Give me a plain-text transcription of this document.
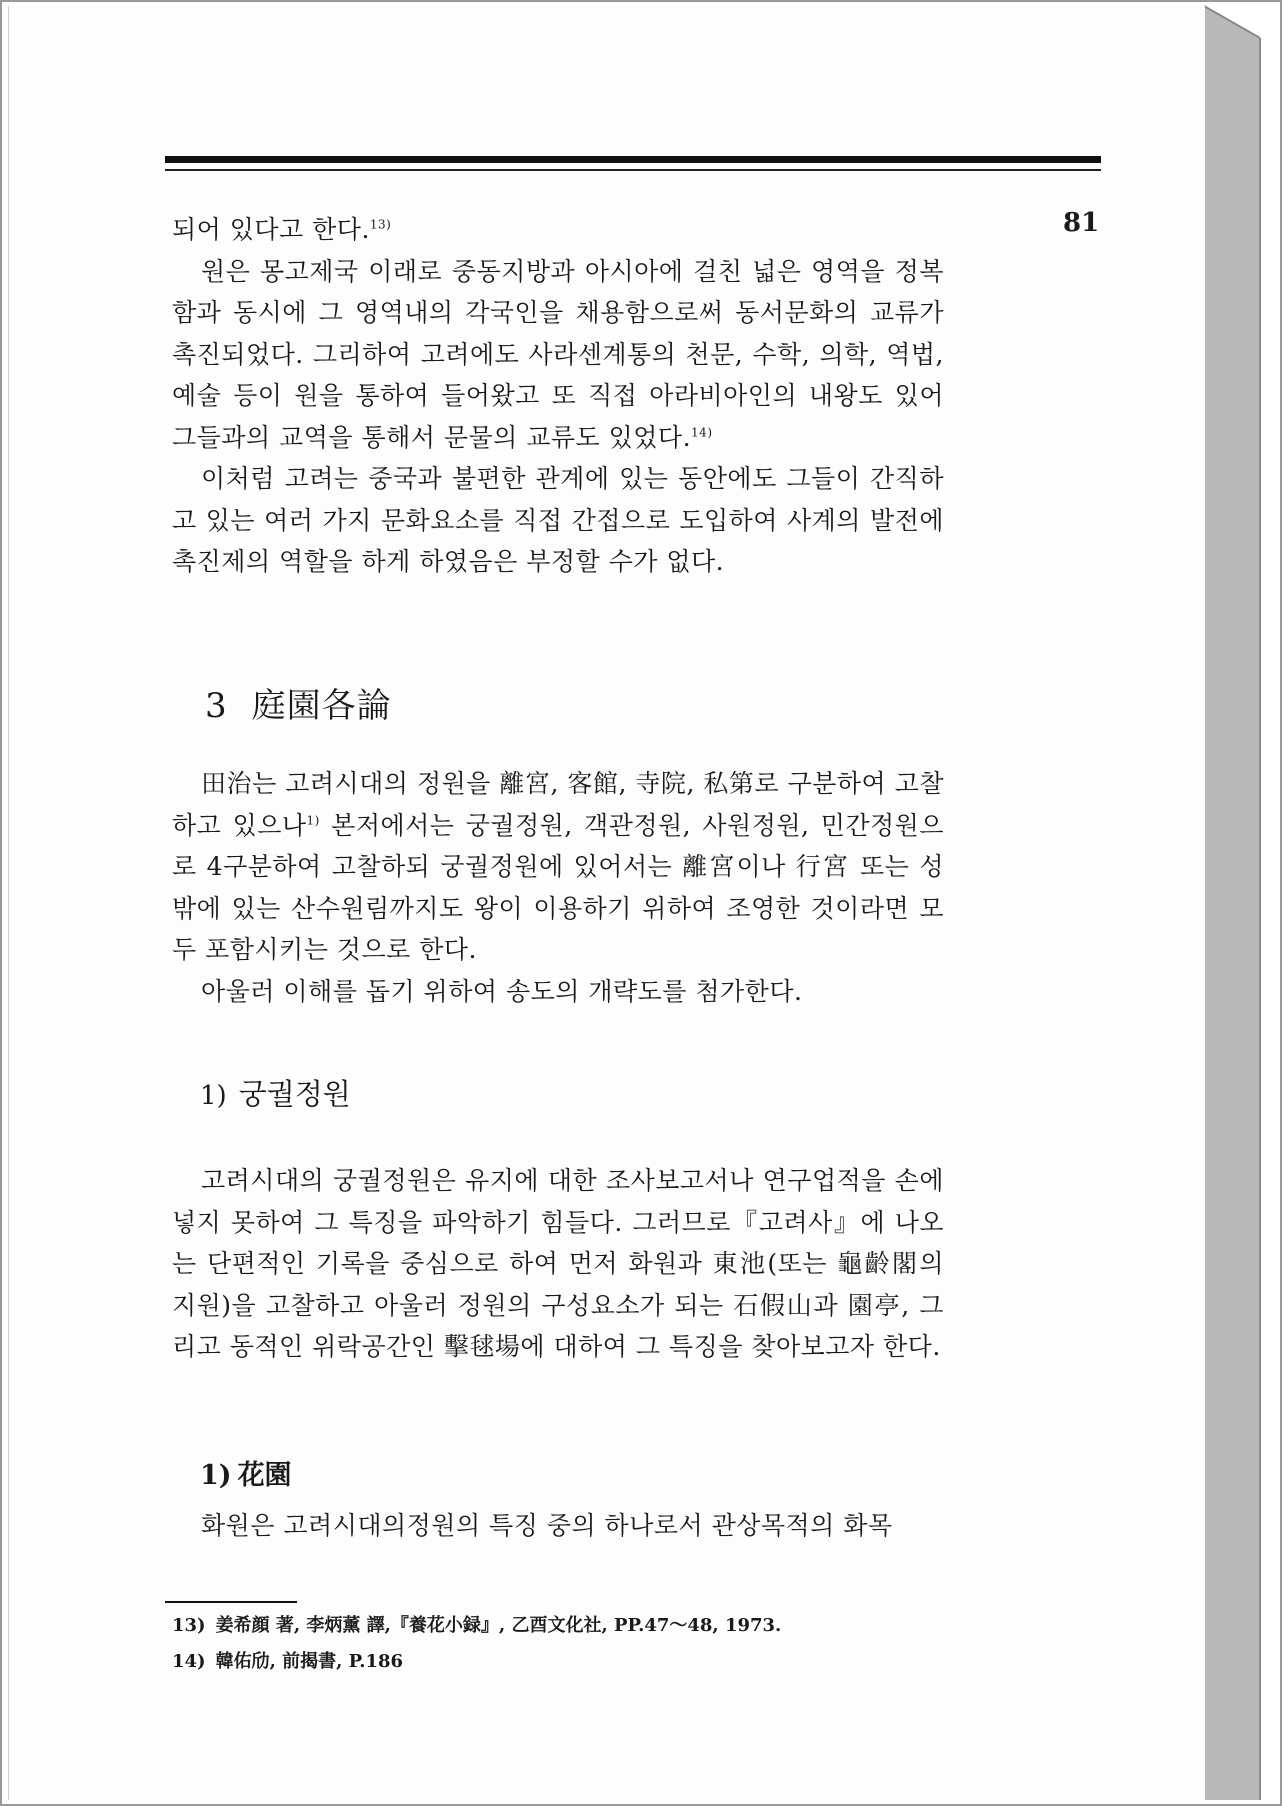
81

되어 있다고 한다.$^{13)}$

원은 몽고제국 이래로 중동지방과 아시아에 걸친 넓은 영역을 정복함과 동시에 그 영역내의 각국인을 채용함으로써 동서문화의 교류가 촉진되었다. 그리하여 고려에도 사라센계통의 천문, 수학, 의학, 역법, 예술 등이 원을 통하여 들어왔고 또 직접 아라비아인의 내왕도 있어 그들과의 교역을 통해서 문물의 교류도 있었다.$^{14)}$

이처럼 고려는 중국과 불편한 관계에 있는 동안에도 그들이 간직하고 있는 여러 가지 문화요소를 직접 간접으로 도입하여 사계의 발전에 촉진제의 역할을 하게 하였음은 부정할 수가 없다.

3 庭園各論

田治는 고려시대의 정원을 離宮, 客館, 寺院, 私第로 구분하여 고찰하고 있으나$^{1)}$ 본저에서는 궁궐정원, 객관정원, 사원정원, 민간정원으로 4구분하여 고찰하되 궁궐정원에 있어서는 離宮이나 行宮 또는 성 밖에 있는 산수원림까지도 왕이 이용하기 위하여 조영한 것이라면 모두 포함시키는 것으로 한다.

아울러 이해를 돕기 위하여 송도의 개략도를 첨가한다.

1) 궁궐정원

고려시대의 궁궐정원은 유지에 대한 조사보고서나 연구업적을 손에 넣지 못하여 그 특징을 파악하기 힘들다. 그러므로『고려사』에 나오는 단편적인 기록을 중심으로 하여 먼저 화원과 東池(또는 龜齡閣의 지원)을 고찰하고 아울러 정원의 구성요소가 되는 石假山과 園亭, 그리고 동적인 위락공간인 擊毬場에 대하여 그 특징을 찾아보고자 한다.

1) 花園

화원은 고려시대의정원의 특징 중의 하나로서 관상목적의 화목

13) 姜希顔 著, 李炳薰 譯,『養花小録』, 乙酉文化社, PP.47～48, 1973.
14) 韓佑劤, 前揭書, P.186
